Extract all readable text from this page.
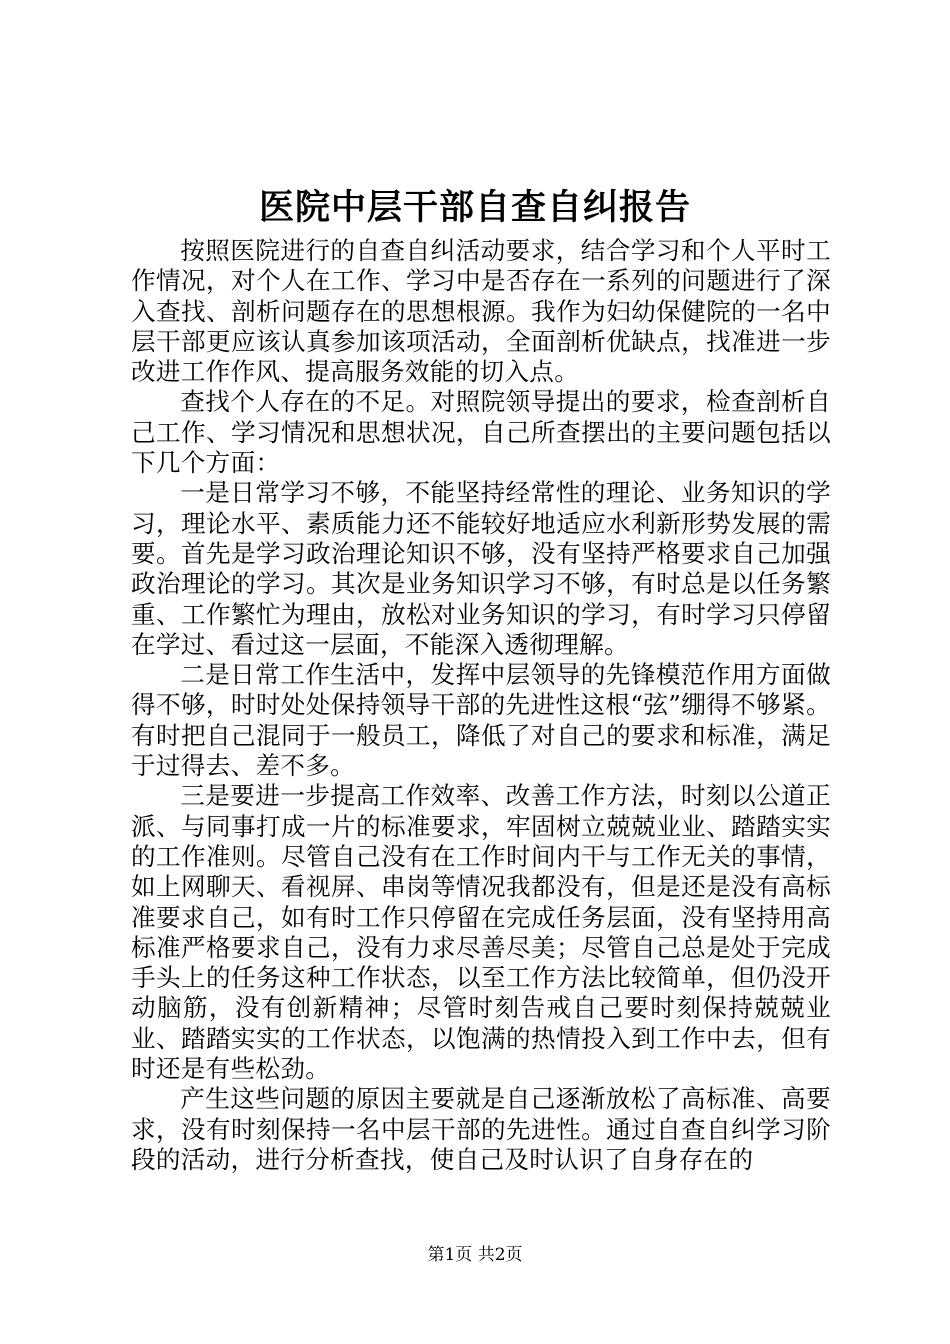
医院中层干部自查自纠报告

按照医院进行的自查自纠活动要求，结合学习和个人平时工作情况，对个人在工作、学习中是否存在一系列的问题进行了深入查找、剖析问题存在的思想根源。我作为妇幼保健院的一名中层干部更应该认真参加该项活动，全面剖析优缺点，找准进一步改进工作作风、提高服务效能的切入点。

查找个人存在的不足。对照院领导提出的要求，检查剖析自己工作、学习情况和思想状况，自己所查摆出的主要问题包括以下几个方面：

一是日常学习不够，不能坚持经常性的理论、业务知识的学习，理论水平、素质能力还不能较好地适应水利新形势发展的需要。首先是学习政治理论知识不够，没有坚持严格要求自己加强政治理论的学习。其次是业务知识学习不够，有时总是以任务繁重、工作繁忙为理由，放松对业务知识的学习，有时学习只停留在学过、看过这一层面，不能深入透彻理解。

二是日常工作生活中，发挥中层领导的先锋模范作用方面做得不够，时时处处保持领导干部的先进性这根“弦”绷得不够紧。有时把自己混同于一般员工，降低了对自己的要求和标准，满足于过得去、差不多。

三是要进一步提高工作效率、改善工作方法，时刻以公道正派、与同事打成一片的标准要求，牢固树立兢兢业业、踏踏实实的工作准则。尽管自己没有在工作时间内干与工作无关的事情，如上网聊天、看视屏、串岗等情况我都没有，但是还是没有高标准要求自己，如有时工作只停留在完成任务层面，没有坚持用高标准严格要求自己，没有力求尽善尽美；尽管自己总是处于完成手头上的任务这种工作状态，以至工作方法比较简单，但仍没开动脑筋，没有创新精神；尽管时刻告戒自己要时刻保持兢兢业业、踏踏实实的工作状态，以饱满的热情投入到工作中去，但有时还是有些松劲。

产生这些问题的原因主要就是自己逐渐放松了高标准、高要求，没有时刻保持一名中层干部的先进性。通过自查自纠学习阶段的活动，进行分析查找，使自己及时认识了自身存在的

第1页 共2页
